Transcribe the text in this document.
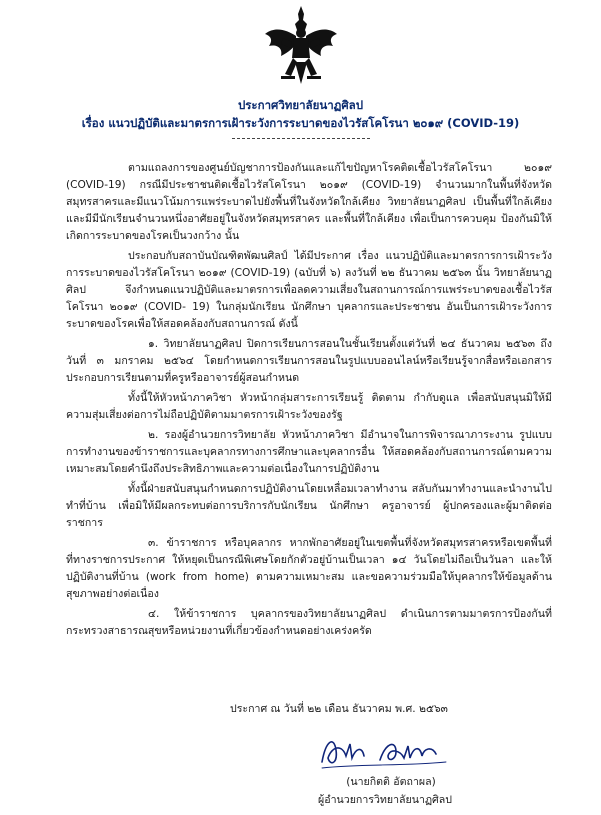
ประกาศวิทยาลัยนาฏศิลป
เรื่อง แนวปฏิบัติและมาตรการเฝ้าระวังการระบาดของไวรัสโคโรนา ๒๐๑๙ (COVID-19)

ตามแถลงการของศูนย์บัญชาการป้องกันและแก้ไขปัญหาโรคติดเชื้อไวรัสโคโรนา ๒๐๑๙ (COVID-19) กรณีมีประชาชนติดเชื้อไวรัสโคโรนา ๒๐๑๙ (COVID-19) จำนวนมากในพื้นที่จังหวัดสมุทรสาครและมีแนวโน้มการแพร่ระบาดไปยังพื้นที่ในจังหวัดใกล้เคียง วิทยาลัยนาฏศิลป เป็นพื้นที่ใกล้เคียง และมีมีนักเรียนจำนวนหนึ่งอาศัยอยู่ในจังหวัดสมุทรสาคร และพื้นที่ใกล้เคียง เพื่อเป็นการควบคุม ป้องกันมิให้เกิดการระบาดของโรคเป็นวงกว้าง นั้น

ประกอบกับสถาบันบัณฑิตพัฒนศิลป์ ได้มีประกาศ เรื่อง แนวปฏิบัติและมาตรการการเฝ้าระวังการระบาดของไวรัสโคโรนา ๒๐๑๙ (COVID-19) (ฉบับที่ ๖) ลงวันที่ ๒๒ ธันวาคม ๒๕๖๓ นั้น วิทยาลัยนาฏศิลป จึงกำหนดแนวปฏิบัติและมาตรการเพื่อลดความเสี่ยงในสถานการณ์การแพร่ระบาดของเชื้อไวรัสโคโรนา ๒๐๑๙ (COVID- 19) ในกลุ่มนักเรียน นักศึกษา บุคลากรและประชาชน อันเป็นการเฝ้าระวังการระบาดของโรคเพื่อให้สอดคล้องกับสถานการณ์ ดังนี้

๑. วิทยาลัยนาฏศิลป ปิดการเรียนการสอนในชั้นเรียนตั้งแต่วันที่ ๒๔ ธันวาคม ๒๕๖๓ ถึงวันที่ ๓ มกราคม ๒๕๖๔ โดยกำหนดการเรียนการสอนในรูปแบบออนไลน์หรือเรียนรู้จากสื่อหรือเอกสารประกอบการเรียนตามที่ครูหรืออาจารย์ผู้สอนกำหนด

ทั้งนี้ให้หัวหน้าภาควิชา หัวหน้ากลุ่มสาระการเรียนรู้ ติดตาม กำกับดูแล เพื่อสนับสนุนมิให้มีความสุ่มเสี่ยงต่อการไม่ถือปฏิบัติตามมาตรการเฝ้าระวังของรัฐ

๒. รองผู้อำนวยการวิทยาลัย หัวหน้าภาควิชา มีอำนาจในการพิจารณาภาระงาน รูปแบบการทำงานของข้าราชการและบุคลากรทางการศึกษาและบุคลากรอื่น ให้สอดคล้องกับสถานการณ์ตามความเหมาะสมโดยคำนึงถึงประสิทธิภาพและความต่อเนื่องในการปฏิบัติงาน

ทั้งนี้ฝ่ายสนับสนุนกำหนดการปฏิบัติงานโดยเหลื่อมเวลาทำงาน สลับกันมาทำงานและนำงานไปทำที่บ้าน เพื่อมิให้มีผลกระทบต่อการบริการกับนักเรียน นักศึกษา ครูอาจารย์ ผู้ปกครองและผู้มาติดต่อราชการ

๓. ข้าราชการ หรือบุคลากร หากพักอาศัยอยู่ในเขตพื้นที่จังหวัดสมุทรสาครหรือเขตพื้นที่ที่ทางราชการประกาศ ให้หยุดเป็นกรณีพิเศษโดยกักตัวอยู่บ้านเป็นเวลา ๑๔ วันโดยไม่ถือเป็นวันลา และให้ปฏิบัติงานที่บ้าน (work from home) ตามความเหมาะสม และขอความร่วมมือให้บุคลากรให้ข้อมูลด้านสุขภาพอย่างต่อเนื่อง

๔. ให้ข้าราชการ บุคลากรของวิทยาลัยนาฏศิลป ดำเนินการตามมาตรการป้องกันที่กระทรวงสาธารณสุขหรือหน่วยงานที่เกี่ยวข้องกำหนดอย่างเคร่งครัด

ประกาศ ณ วันที่ ๒๒ เดือน ธันวาคม พ.ศ. ๒๕๖๓
(นายกิตติ อัตถาผล)
ผู้อำนวยการวิทยาลัยนาฏศิลป
